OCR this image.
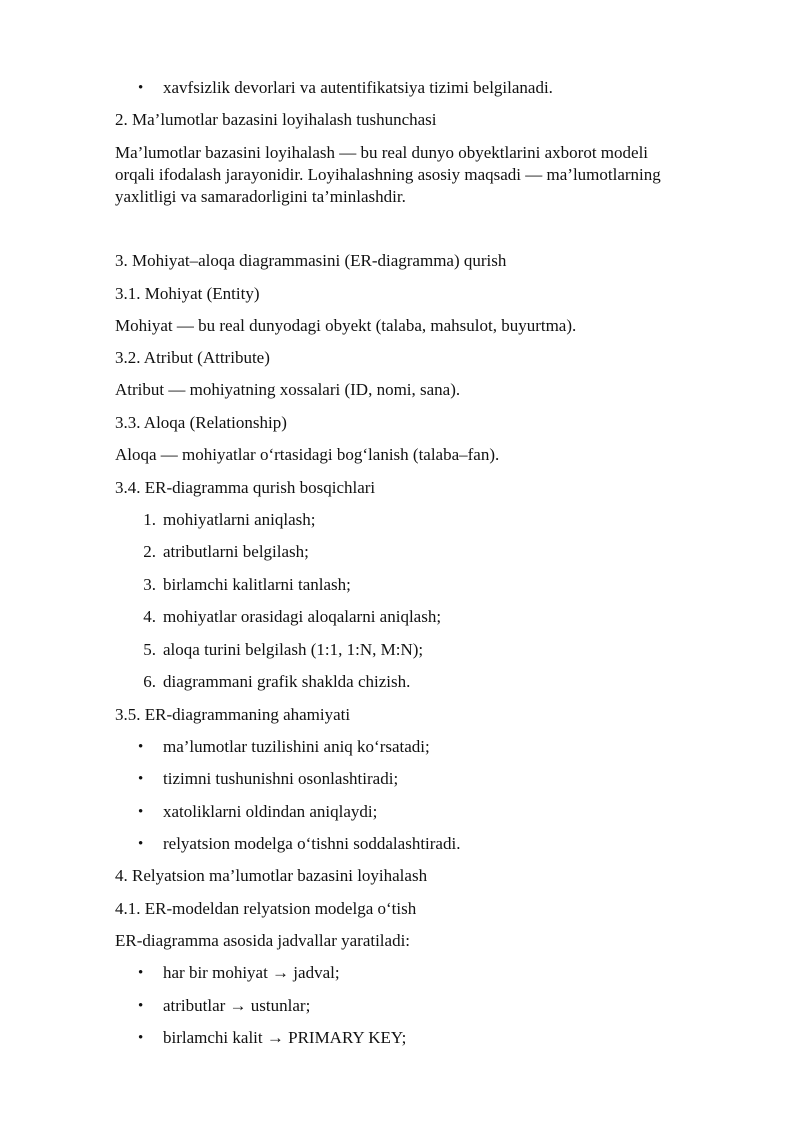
•	xavfsizlik devorlari va autentifikatsiya tizimi belgilanadi.
2. Ma’lumotlar bazasini loyihalash tushunchasi
Ma’lumotlar bazasini loyihalash — bu real dunyo obyektlarini axborot modeli
orqali ifodalash jarayonidir. Loyihalashning asosiy maqsadi — ma’lumotlarning
yaxlitligi va samaradorligini ta’minlashdir.
3. Mohiyat–aloqa diagrammasini (ER-diagramma) qurish
3.1. Mohiyat (Entity)
Mohiyat — bu real dunyodagi obyekt (talaba, mahsulot, buyurtma).
3.2. Atribut (Attribute)
Atribut — mohiyatning xossalari (ID, nomi, sana).
3.3. Aloqa (Relationship)
Aloqa — mohiyatlar oʻrtasidagi bogʻlanish (talaba–fan).
3.4. ER-diagramma qurish bosqichlari
1. mohiyatlarni aniqlash;
2. atributlarni belgilash;
3. birlamchi kalitlarni tanlash;
4. mohiyatlar orasidagi aloqalarni aniqlash;
5. aloqa turini belgilash (1:1, 1:N, M:N);
6. diagrammani grafik shaklda chizish.
3.5. ER-diagrammaning ahamiyati
•	ma’lumotlar tuzilishini aniq koʻrsatadi;
•	tizimni tushunishni osonlashtiradi;
•	xatoliklarni oldindan aniqlaydi;
•	relyatsion modelga oʻtishni soddalashtiradi.
4. Relyatsion ma’lumotlar bazasini loyihalash
4.1. ER-modeldan relyatsion modelga oʻtish
ER-diagramma asosida jadvallar yaratiladi:
•	har bir mohiyat → jadval;
•	atributlar → ustunlar;
•	birlamchi kalit → PRIMARY KEY;
